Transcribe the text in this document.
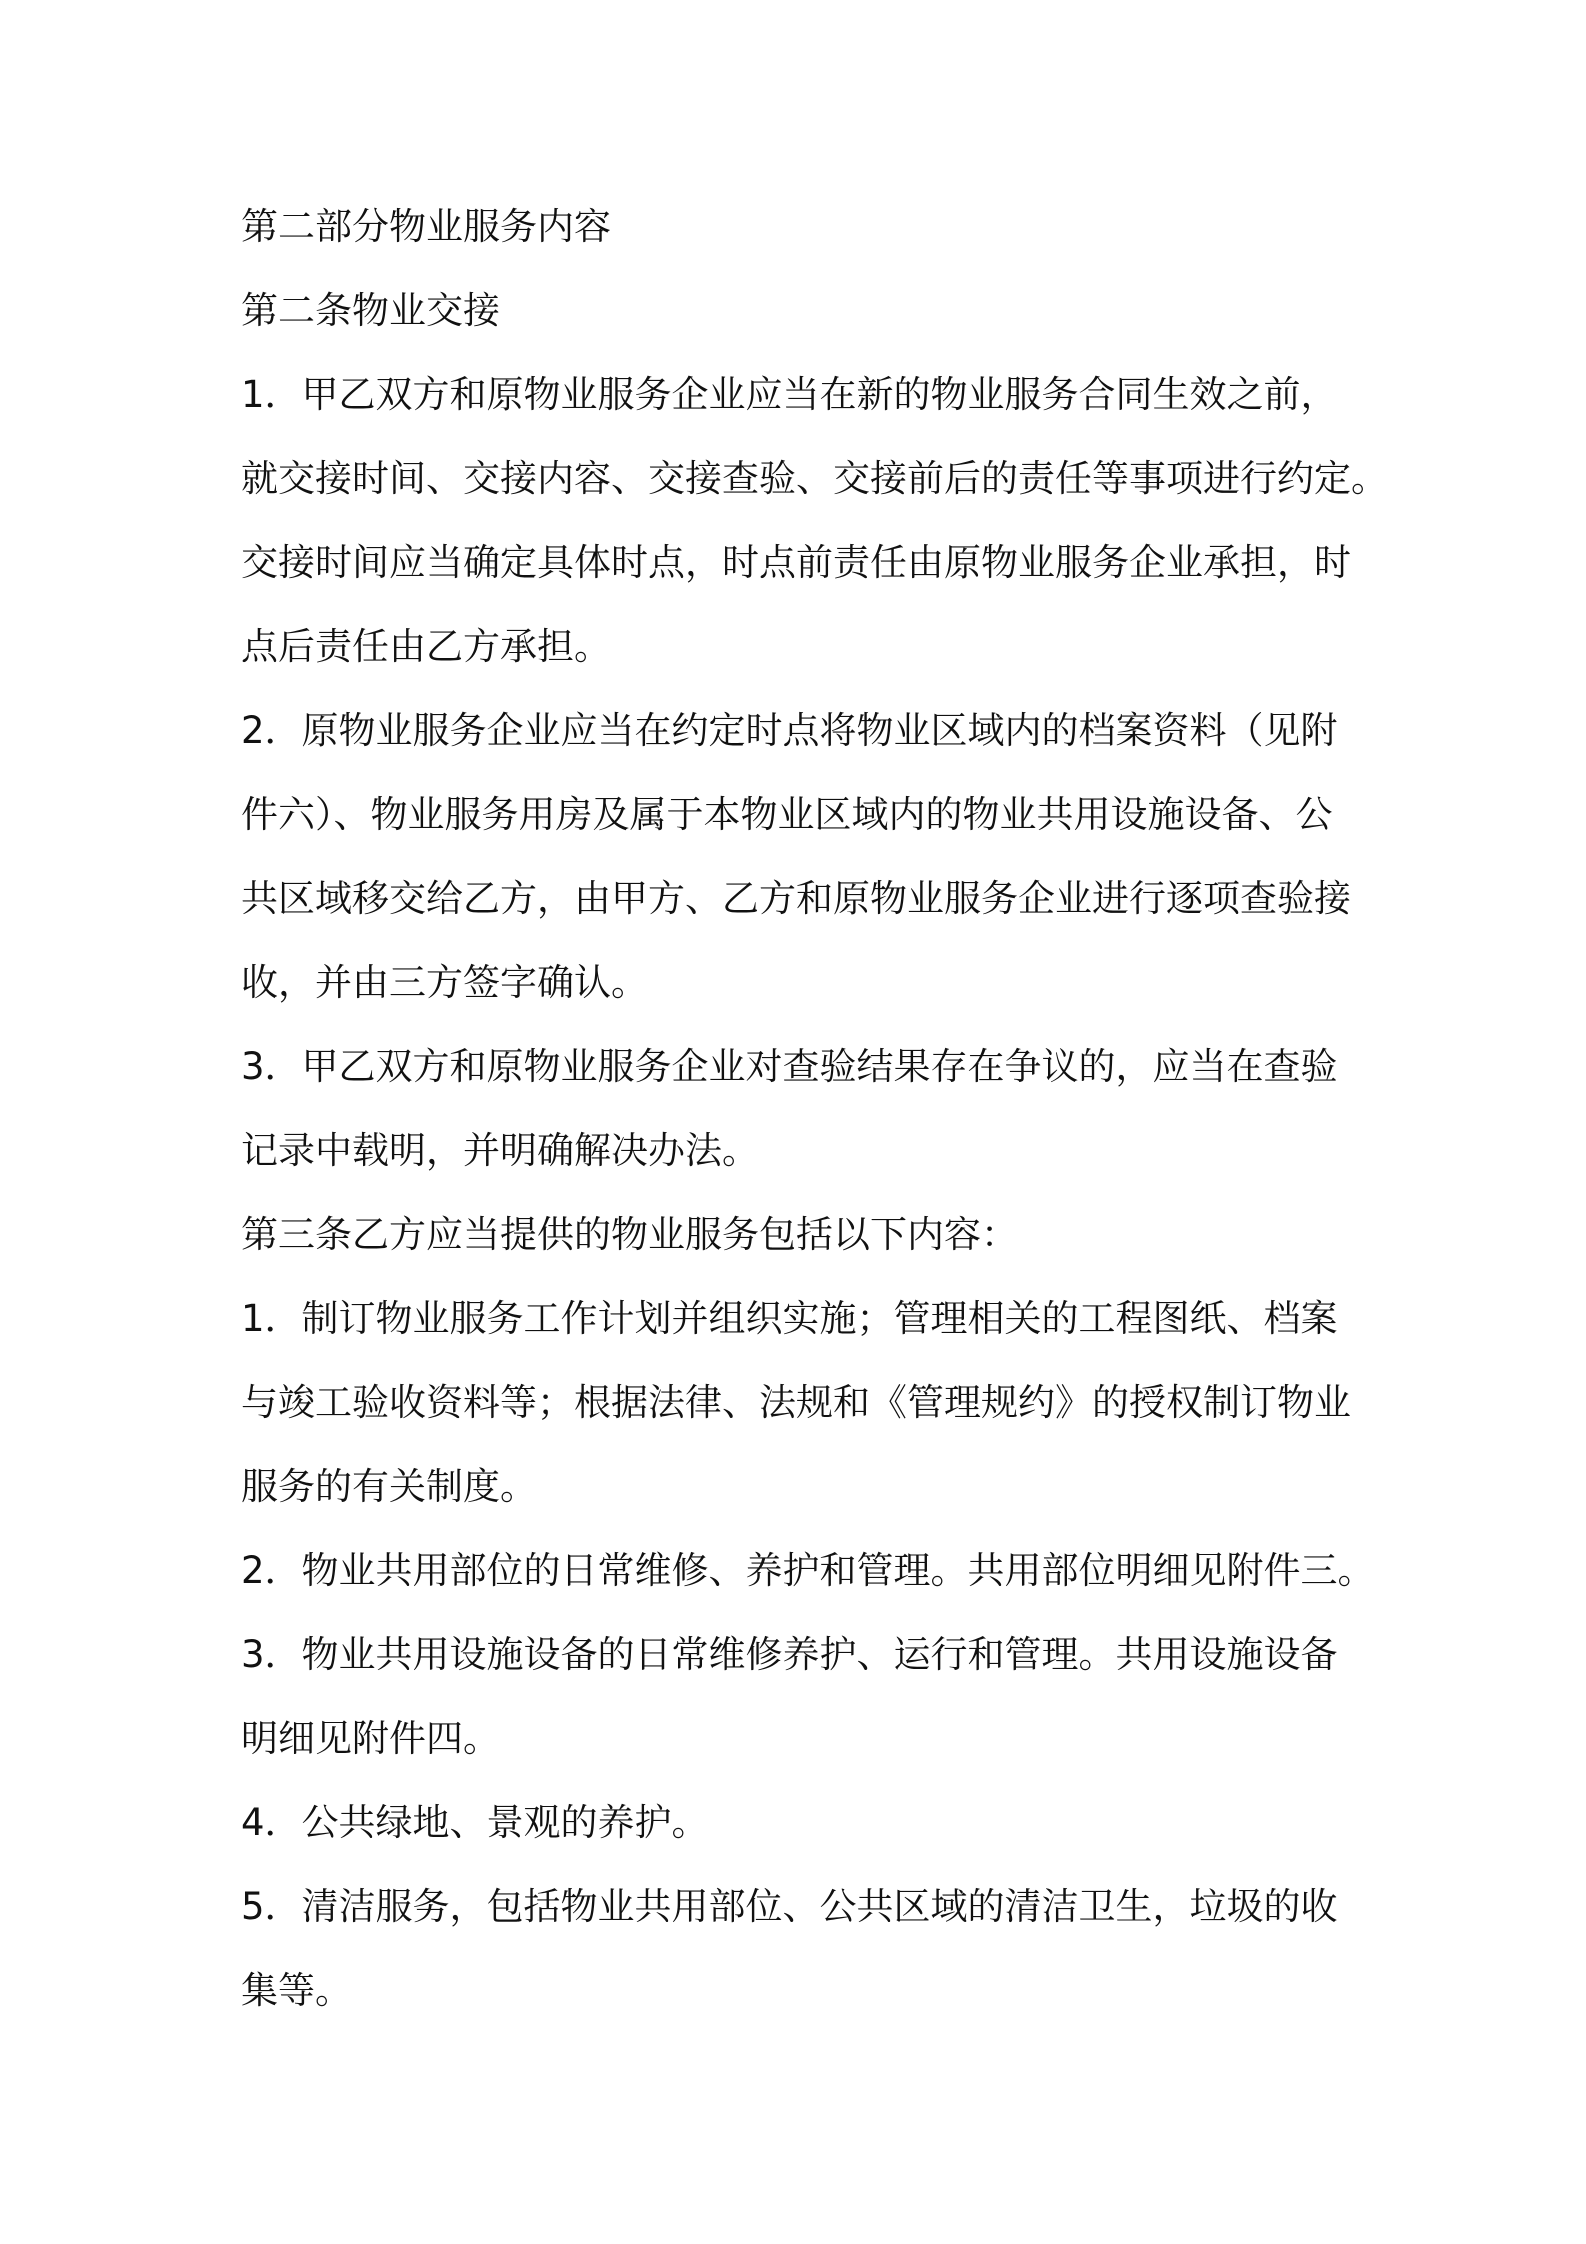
第二部分物业服务内容
第二条物业交接
1．甲乙双方和原物业服务企业应当在新的物业服务合同生效之前，
就交接时间、交接内容、交接查验、交接前后的责任等事项进行约定。
交接时间应当确定具体时点，时点前责任由原物业服务企业承担，时
点后责任由乙方承担。
2．原物业服务企业应当在约定时点将物业区域内的档案资料（见附
件六）、物业服务用房及属于本物业区域内的物业共用设施设备、公
共区域移交给乙方，由甲方、乙方和原物业服务企业进行逐项查验接
收，并由三方签字确认。
3．甲乙双方和原物业服务企业对查验结果存在争议的，应当在查验
记录中载明，并明确解决办法。
第三条乙方应当提供的物业服务包括以下内容：
1．制订物业服务工作计划并组织实施；管理相关的工程图纸、档案
与竣工验收资料等；根据法律、法规和《管理规约》的授权制订物业
服务的有关制度。
2．物业共用部位的日常维修、养护和管理。共用部位明细见附件三。
3．物业共用设施设备的日常维修养护、运行和管理。共用设施设备
明细见附件四。
4．公共绿地、景观的养护。
5．清洁服务，包括物业共用部位、公共区域的清洁卫生，垃圾的收
集等。
